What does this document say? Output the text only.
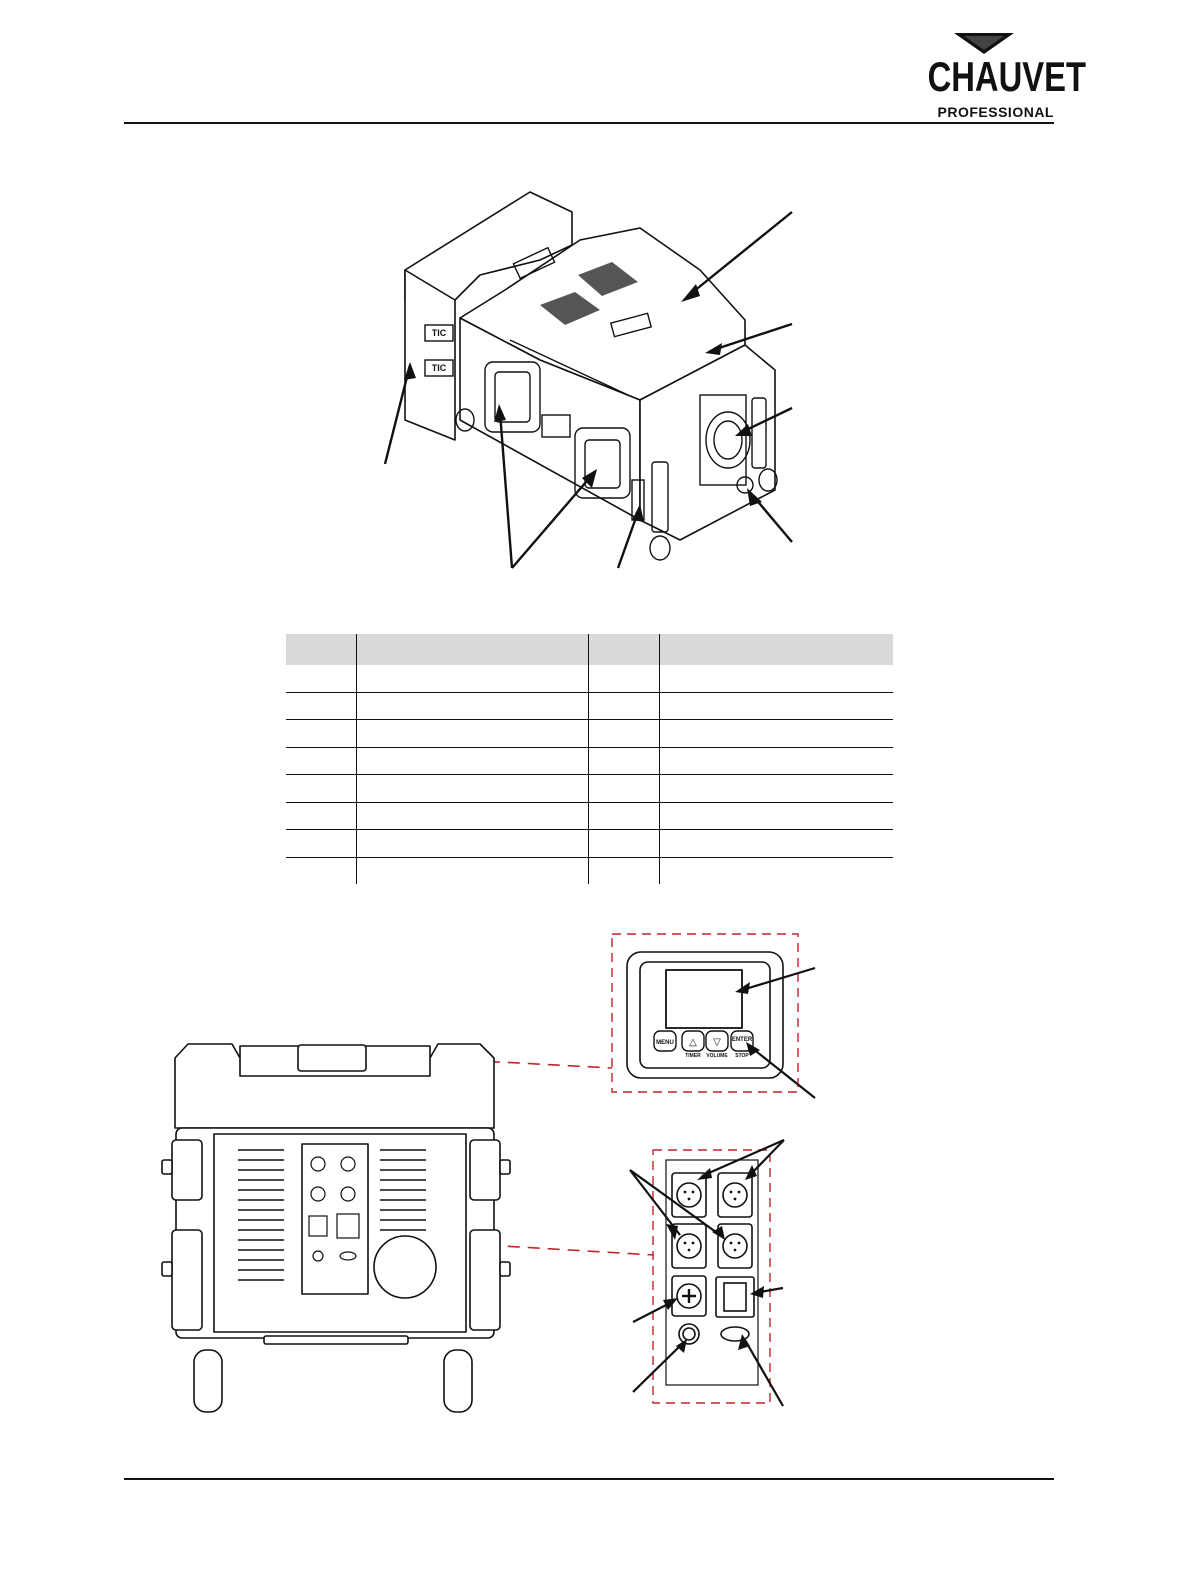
CHAUVET
PROFESSIONAL
TIC
TIC

MENU △ ▽ ENTER
TIMER VOLUME STOP
